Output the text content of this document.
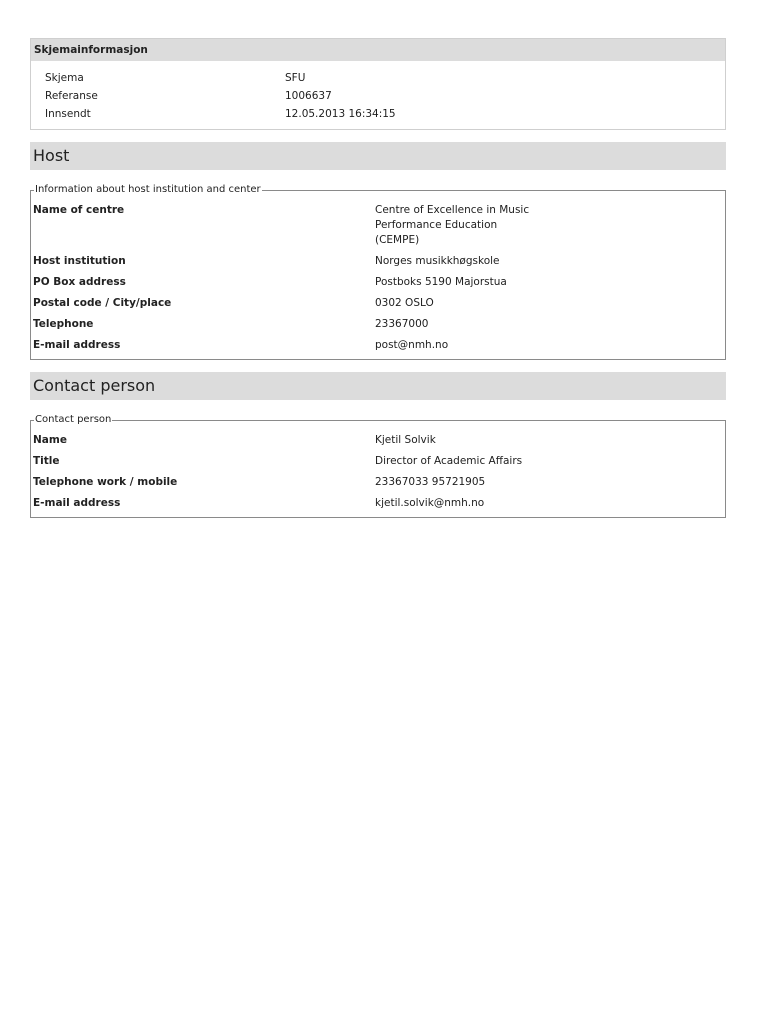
Skjemainformasjon
Skjema	SFU
Referanse	1006637
Innsendt	12.05.2013 16:34:15
Host
Information about host institution and center
Name of centre	Centre of Excellence in Music
Performance Education
(CEMPE)
Host institution	Norges musikkhøgskole
PO Box address	Postboks 5190 Majorstua
Postal code / City/place	0302 OSLO
Telephone	23367000
E-mail address	post@nmh.no
Contact person
Contact person
Name	Kjetil Solvik
Title	Director of Academic Affairs
Telephone work / mobile	23367033 95721905
E-mail address	kjetil.solvik@nmh.no
